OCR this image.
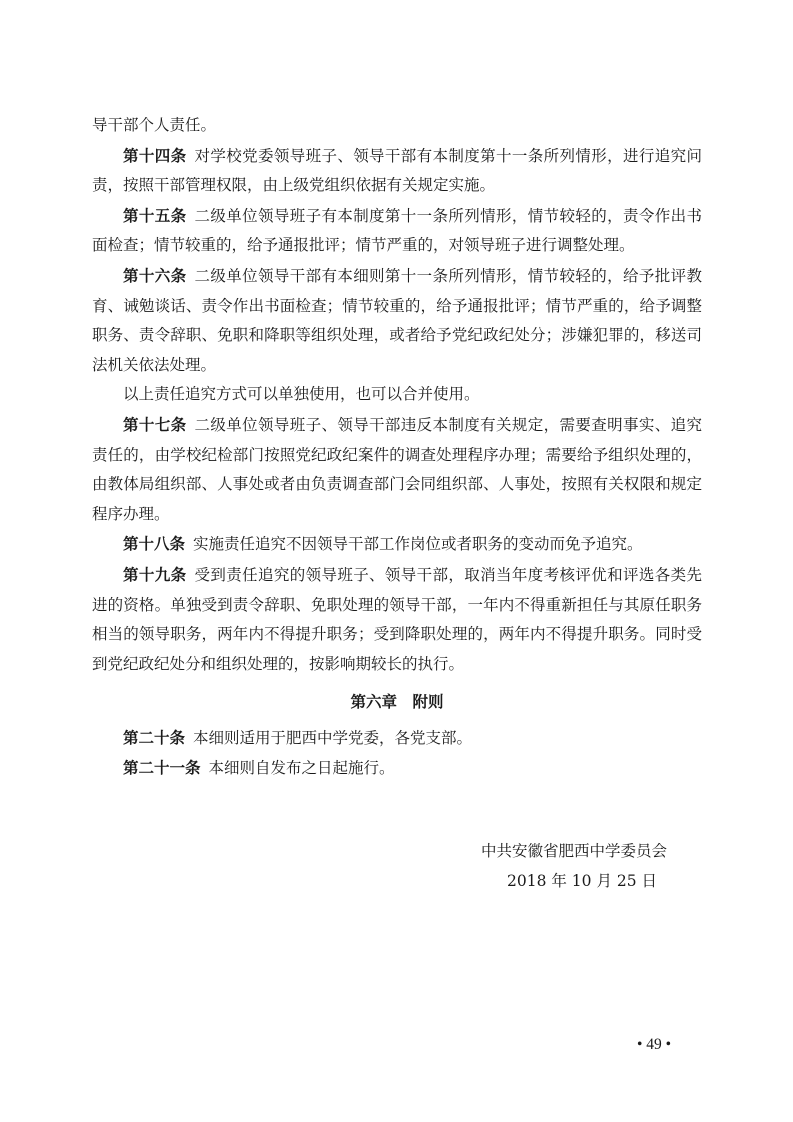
导干部个人责任。

第十四条 对学校党委领导班子、领导干部有本制度第十一条所列情形，进行追究问责，按照干部管理权限，由上级党组织依据有关规定实施。

第十五条 二级单位领导班子有本制度第十一条所列情形，情节较轻的，责令作出书面检查；情节较重的，给予通报批评；情节严重的，对领导班子进行调整处理。

第十六条 二级单位领导干部有本细则第十一条所列情形，情节较轻的，给予批评教育、诫勉谈话、责令作出书面检查；情节较重的，给予通报批评；情节严重的，给予调整职务、责令辞职、免职和降职等组织处理，或者给予党纪政纪处分；涉嫌犯罪的，移送司法机关依法处理。

以上责任追究方式可以单独使用，也可以合并使用。

第十七条 二级单位领导班子、领导干部违反本制度有关规定，需要查明事实、追究责任的，由学校纪检部门按照党纪政纪案件的调查处理程序办理；需要给予组织处理的，由教体局组织部、人事处或者由负责调查部门会同组织部、人事处，按照有关权限和规定程序办理。

第十八条 实施责任追究不因领导干部工作岗位或者职务的变动而免予追究。

第十九条 受到责任追究的领导班子、领导干部，取消当年度考核评优和评选各类先进的资格。单独受到责令辞职、免职处理的领导干部，一年内不得重新担任与其原任职务相当的领导职务，两年内不得提升职务；受到降职处理的，两年内不得提升职务。同时受到党纪政纪处分和组织处理的，按影响期较长的执行。

第六章　附则

第二十条 本细则适用于肥西中学党委，各党支部。

第二十一条 本细则自发布之日起施行。

中共安徽省肥西中学委员会
2018 年 10 月 25 日
• 49 •
